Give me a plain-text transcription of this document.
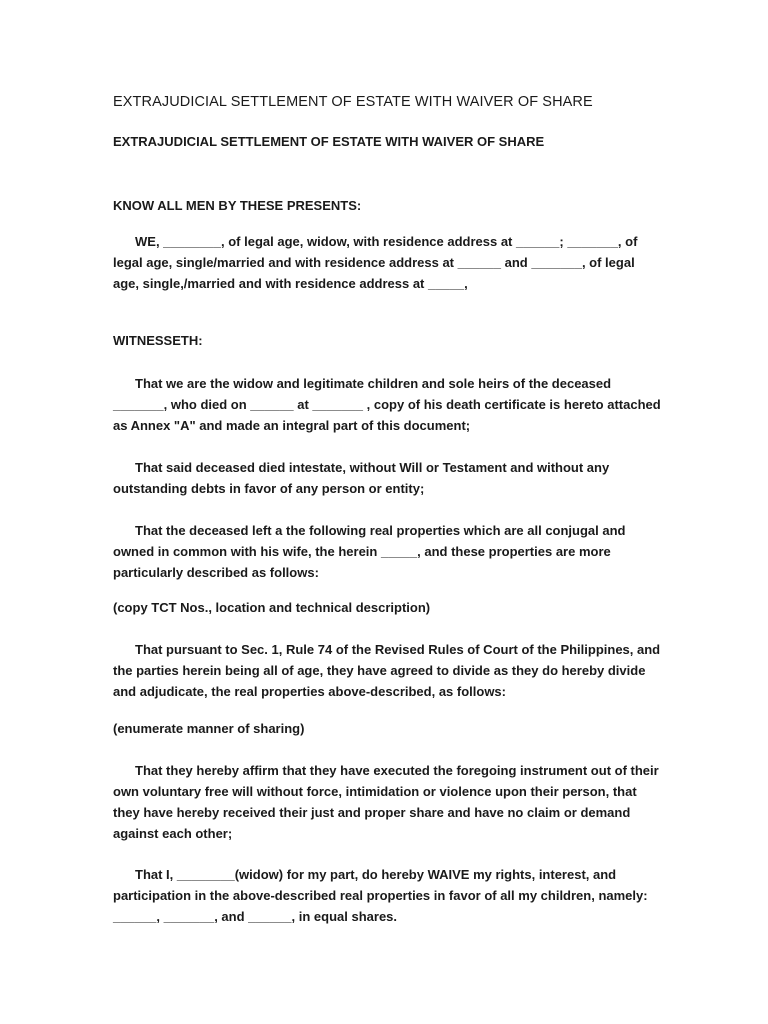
EXTRAJUDICIAL SETTLEMENT OF ESTATE WITH WAIVER OF SHARE
EXTRAJUDICIAL SETTLEMENT OF ESTATE WITH WAIVER OF SHARE

KNOW ALL MEN BY THESE PRESENTS:

WE, ________, of legal age, widow, with residence address at ______; _______, of legal age, single/married and with residence address at ______ and _______, of legal age, single,/married and with residence address at _____,

WITNESSETH:

That we are the widow and legitimate children and sole heirs of the deceased _______, who died on ______ at _______ , copy of his death certificate is hereto attached as Annex "A" and made an integral part of this document;

That said deceased died intestate, without Will or Testament and without any outstanding debts in favor of any person or entity;

That the deceased left a the following real properties which are all conjugal and owned in common with his wife, the herein _____, and these properties are more particularly described as follows:

(copy TCT Nos., location and technical description)

That pursuant to Sec. 1, Rule 74 of the Revised Rules of Court of the Philippines, and the parties herein being all of age, they have agreed to divide as they do hereby divide and adjudicate, the real properties above-described, as follows:

(enumerate manner of sharing)

That they hereby affirm that they have executed the foregoing instrument out of their own voluntary free will without force, intimidation or violence upon their person, that they have hereby received their just and proper share and have no claim or demand against each other;

That I, ________(widow) for my part, do hereby WAIVE my rights, interest, and participation in the above-described real properties in favor of all my children, namely: ______, _______, and ______, in equal shares.
